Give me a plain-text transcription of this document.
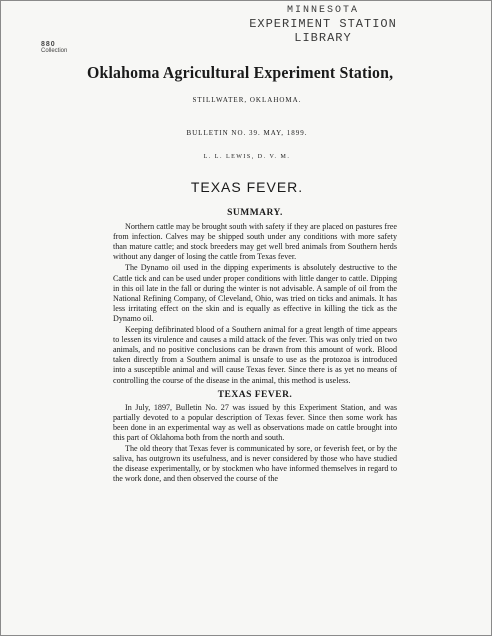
MINNESOTA
EXPERIMENT STATION
LIBRARY
880
Collection
Oklahoma Agricultural Experiment Station,
STILLWATER, OKLAHOMA.
BULLETIN NO. 39. MAY, 1899.
L. L. LEWIS, D. V. M.
TEXAS FEVER.
SUMMARY.

Northern cattle may be brought south with safety if they are placed on pastures free from infection. Calves may be shipped south under any conditions with more safety than mature cattle; and stock breeders may get well bred animals from Southern herds without any danger of losing the cattle from Texas fever.

The Dynamo oil used in the dipping experiments is absolutely destructive to the Cattle tick and can be used under proper conditions with little danger to cattle. Dipping in this oil late in the fall or during the winter is not advisable. A sample of oil from the National Refining Company, of Cleveland, Ohio, was tried on ticks and animals. It has less irritating effect on the skin and is equally as effective in killing the tick as the Dynamo oil.

Keeping defibrinated blood of a Southern animal for a great length of time appears to lessen its virulence and causes a mild attack of the fever. This was only tried on two animals, and no positive conclusions can be drawn from this amount of work. Blood taken directly from a Southern animal is unsafe to use as the protozoa is introduced into a susceptible animal and will cause Texas fever. Since there is as yet no means of controlling the course of the disease in the animal, this method is useless.

TEXAS FEVER.

In July, 1897, Bulletin No. 27 was issued by this Experiment Station, and was partially devoted to a popular description of Texas fever. Since then some work has been done in an experimental way as well as observations made on cattle brought into this part of Oklahoma both from the north and south.

The old theory that Texas fever is communicated by sore, or feverish feet, or by the saliva, has outgrown its usefulness, and is never considered by those who have studied the disease experimentally, or by stockmen who have informed themselves in regard to the work done, and then observed the course of the
